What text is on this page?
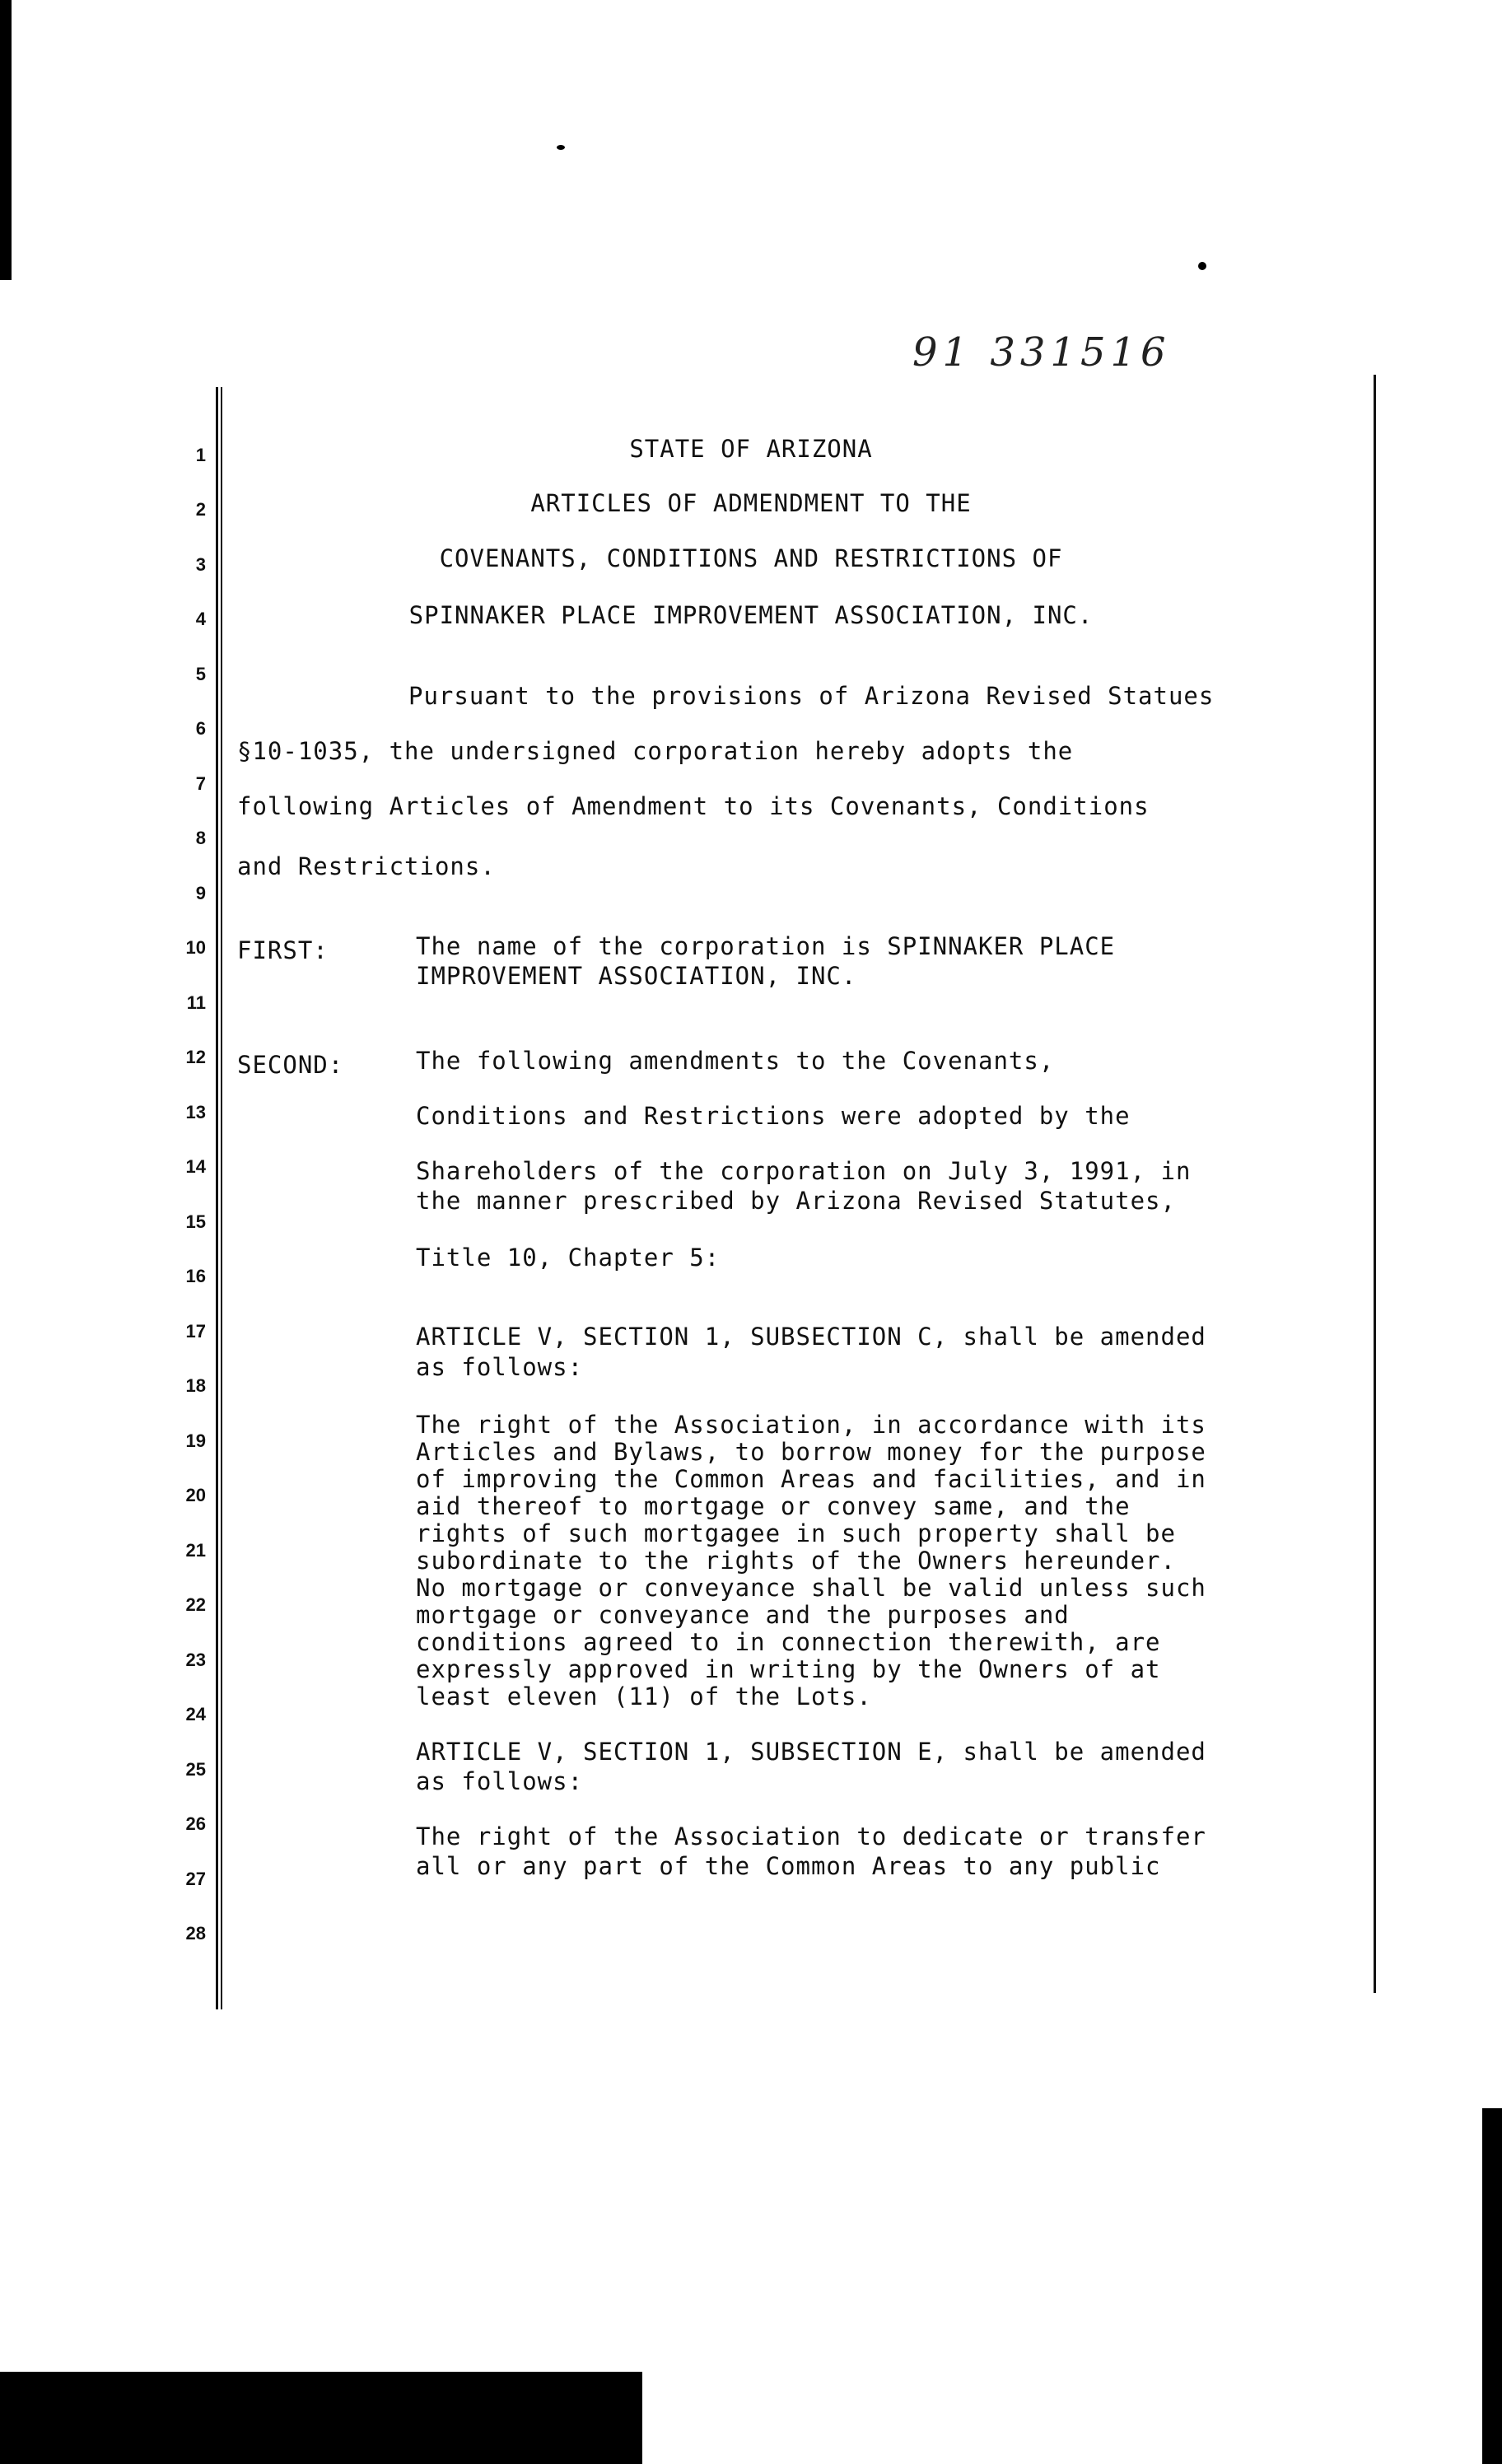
91 331516
1
2
3
4
5
6
7
8
9
10
11
12
13
14
15
16
17
18
19
20
21
22
23
24
25
26
27
28
STATE OF ARIZONA
ARTICLES OF ADMENDMENT TO THE
COVENANTS, CONDITIONS AND RESTRICTIONS OF
SPINNAKER PLACE IMPROVEMENT ASSOCIATION, INC.
Pursuant to the provisions of Arizona Revised Statues
§10-1035, the undersigned corporation hereby adopts the
following Articles of Amendment to its Covenants, Conditions
and Restrictions.
FIRST:	The name of the corporation is SPINNAKER PLACE
IMPROVEMENT ASSOCIATION, INC.
SECOND:	The following amendments to the Covenants,
Conditions and Restrictions were adopted by the
Shareholders of the corporation on July 3, 1991, in
the manner prescribed by Arizona Revised Statutes,
Title 10, Chapter 5:
ARTICLE V, SECTION 1, SUBSECTION C, shall be amended
as follows:
The right of the Association, in accordance with its
Articles and Bylaws, to borrow money for the purpose
of improving the Common Areas and facilities, and in
aid thereof to mortgage or convey same, and the
rights of such mortgagee in such property shall be
subordinate to the rights of the Owners hereunder.
No mortgage or conveyance shall be valid unless such
mortgage or conveyance and the purposes and
conditions agreed to in connection therewith, are
expressly approved in writing by the Owners of at
least eleven (11) of the Lots.
ARTICLE V, SECTION 1, SUBSECTION E, shall be amended
as follows:
The right of the Association to dedicate or transfer
all or any part of the Common Areas to any public
